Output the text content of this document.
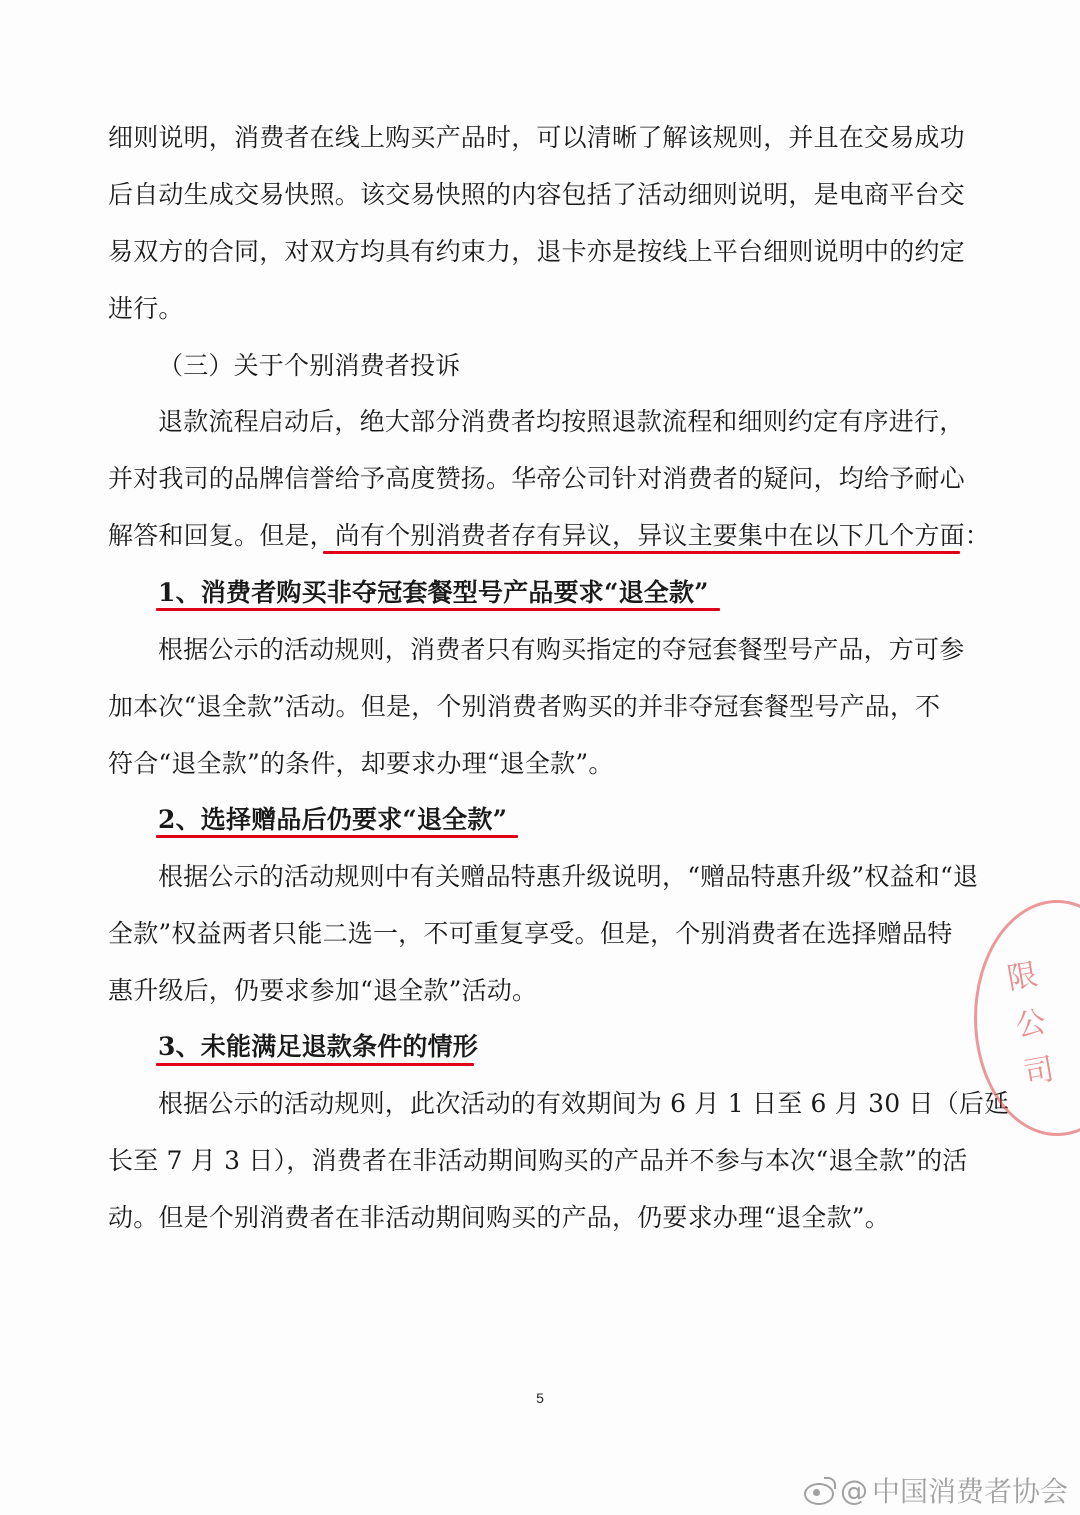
细则说明，消费者在线上购买产品时，可以清晰了解该规则，并且在交易成功
后自动生成交易快照。该交易快照的内容包括了活动细则说明，是电商平台交
易双方的合同，对双方均具有约束力，退卡亦是按线上平台细则说明中的约定
进行。
（三）关于个别消费者投诉
退款流程启动后，绝大部分消费者均按照退款流程和细则约定有序进行，
并对我司的品牌信誉给予高度赞扬。华帝公司针对消费者的疑问，均给予耐心
解答和回复。但是，尚有个别消费者存有异议，异议主要集中在以下几个方面：
1、消费者购买非夺冠套餐型号产品要求“退全款”
根据公示的活动规则，消费者只有购买指定的夺冠套餐型号产品，方可参
加本次“退全款”活动。但是，个别消费者购买的并非夺冠套餐型号产品，不
符合“退全款”的条件，却要求办理“退全款”。
2、选择赠品后仍要求“退全款”
根据公示的活动规则中有关赠品特惠升级说明，“赠品特惠升级”权益和“退
全款”权益两者只能二选一，不可重复享受。但是，个别消费者在选择赠品特
惠升级后，仍要求参加“退全款”活动。
3、未能满足退款条件的情形
根据公示的活动规则，此次活动的有效期间为 6 月 1 日至 6 月 30 日（后延
长至 7 月 3 日），消费者在非活动期间购买的产品并不参与本次“退全款”的活
动。但是个别消费者在非活动期间购买的产品，仍要求办理“退全款”。
5
限公司
@ 中国消费者协会
